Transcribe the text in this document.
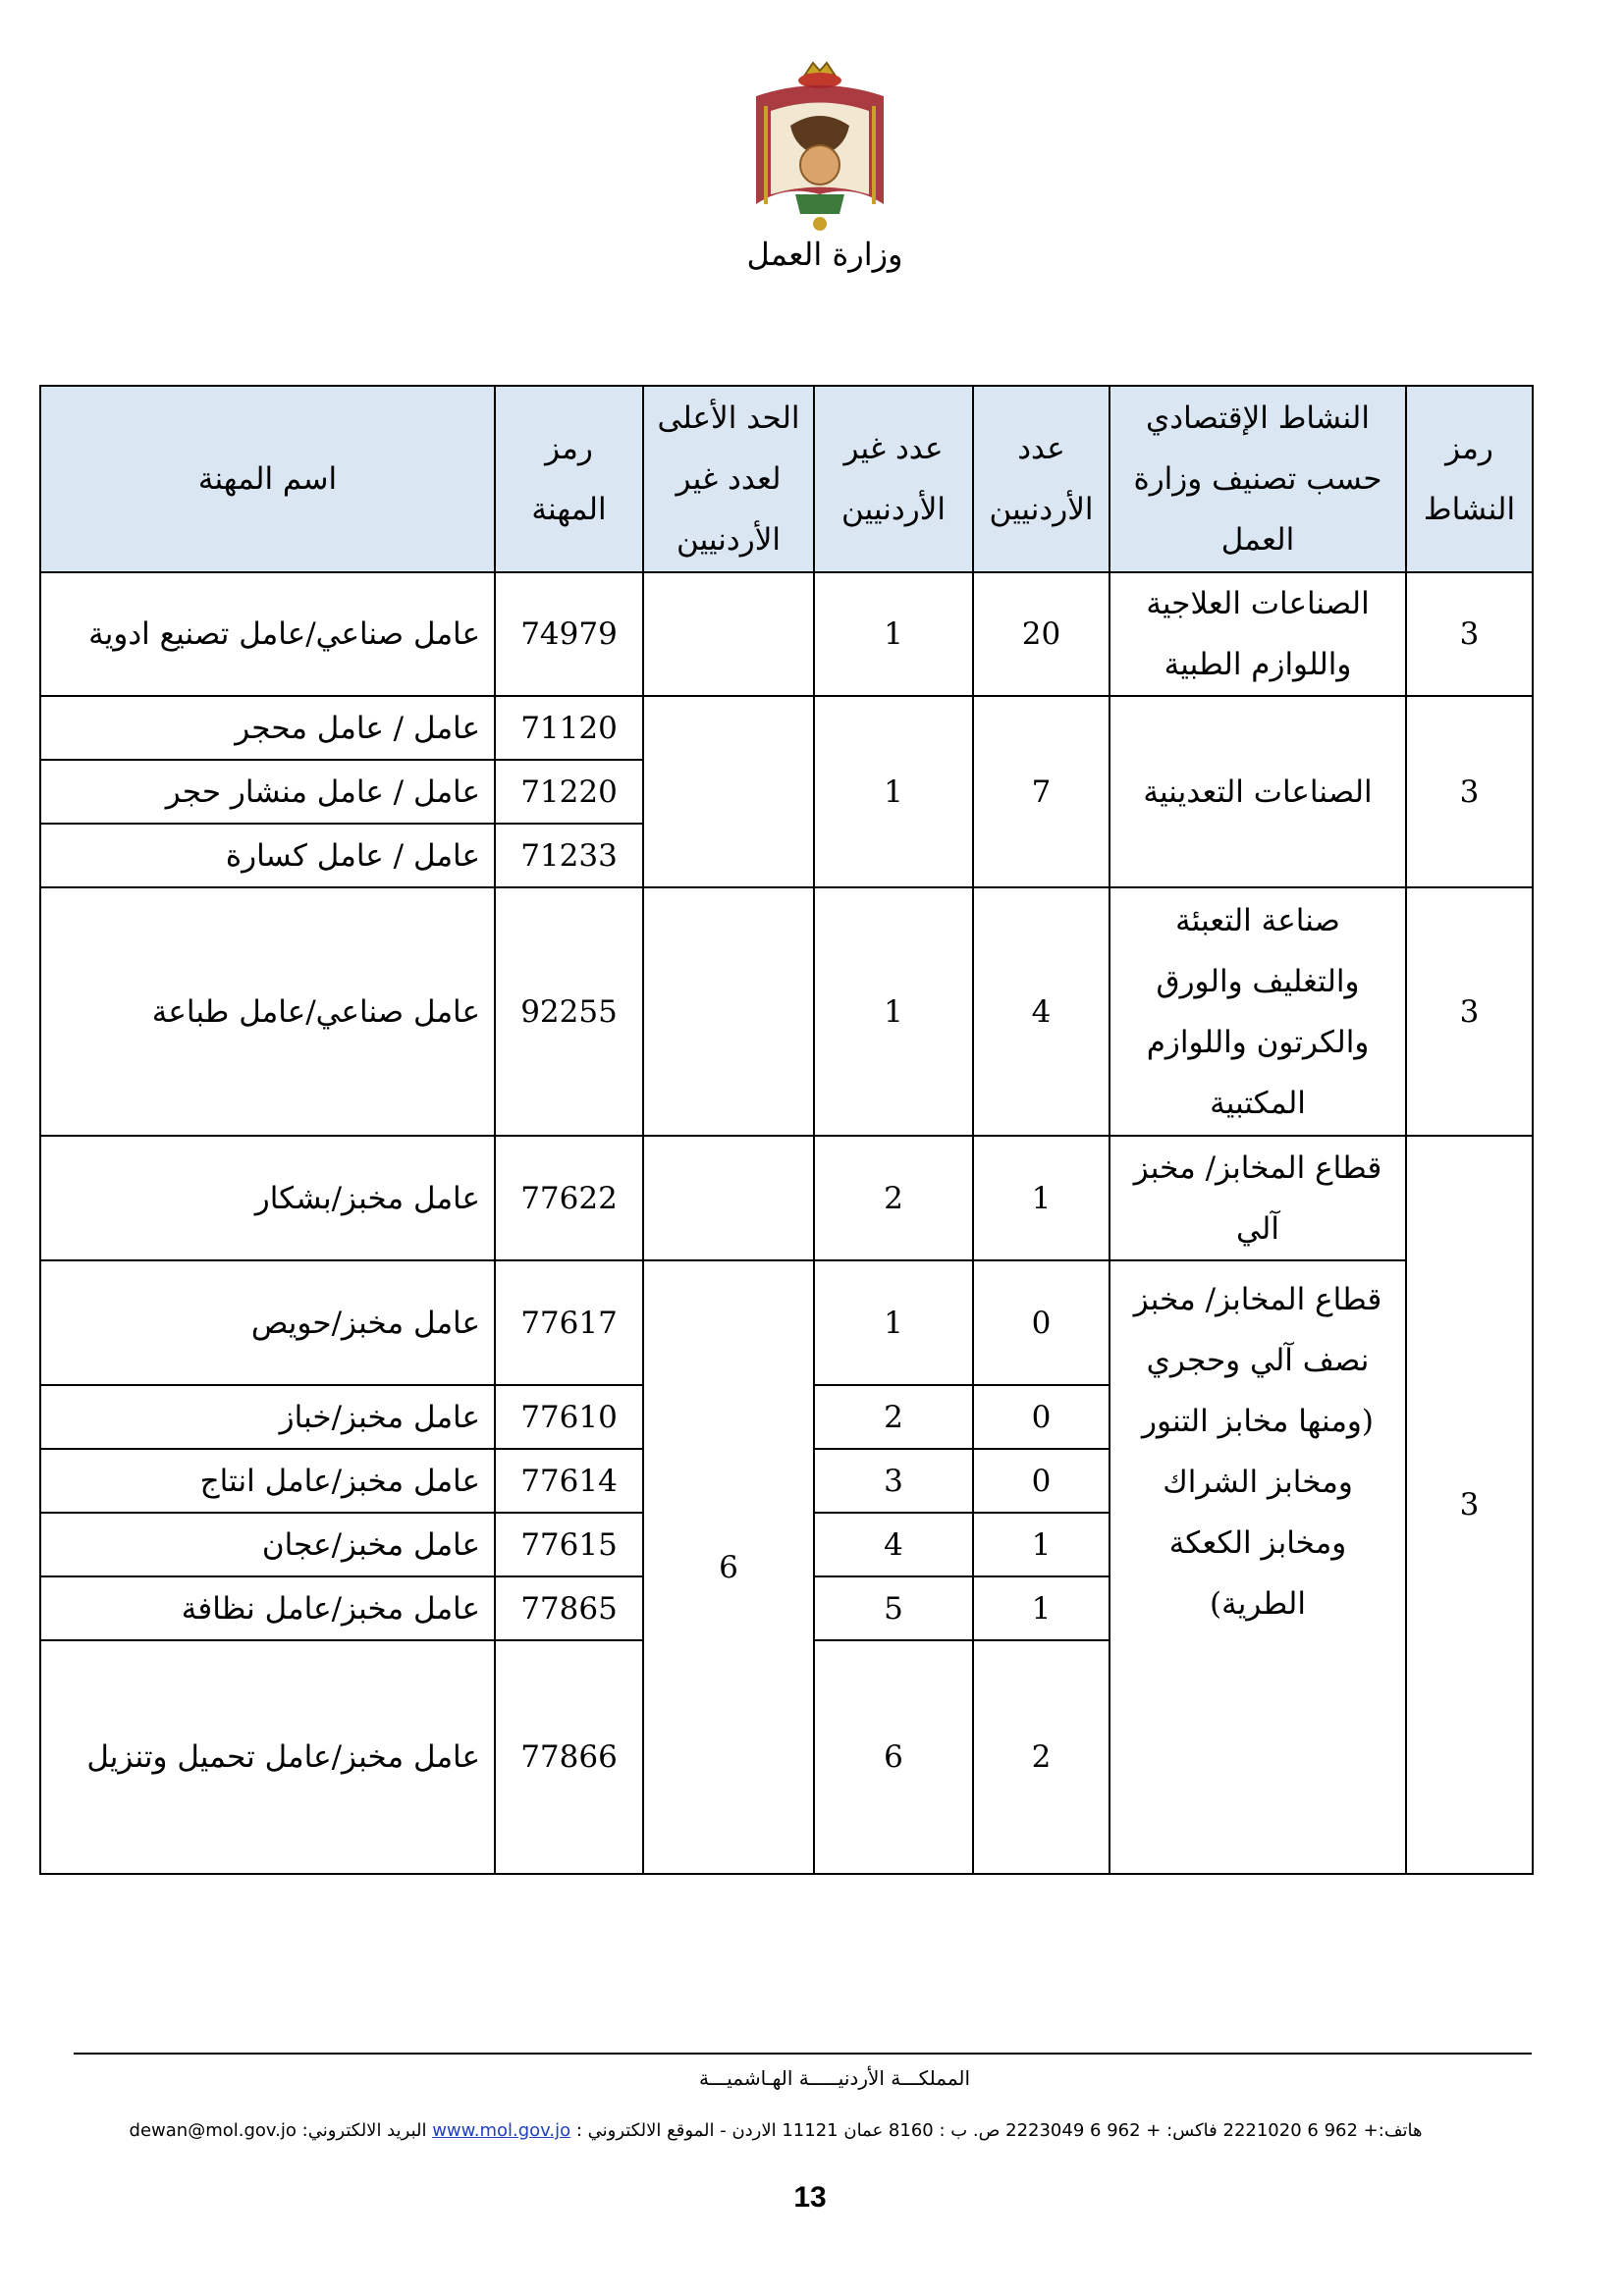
وزارة العمل
رمز النشاط	النشاط الإقتصادي حسب تصنيف وزارة العمل	عدد الأردنيين	عدد غير الأردنيين	الحد الأعلى لعدد غير الأردنيين	رمز المهنة	اسم المهنة
3	الصناعات العلاجية واللوازم الطبية	20	1		74979	عامل صناعي/عامل تصنيع ادوية
3	الصناعات التعدينية	7	1		71120	عامل / عامل محجر
					71220	عامل / عامل منشار حجر
					71233	عامل / عامل كسارة
3	صناعة التعبئة والتغليف والورق والكرتون واللوازم المكتبية	4	1		92255	عامل صناعي/عامل طباعة
3	قطاع المخابز/ مخبز آلي	1	2		77622	عامل مخبز/بشكار
	قطاع المخابز/ مخبز نصف آلي وحجري (ومنها مخابز التنور ومخابز الشراك ومخابز الكعكة الطرية)	0	1	6	77617	عامل مخبز/حويص
		0	2		77610	عامل مخبز/خباز
		0	3		77614	عامل مخبز/عامل انتاج
		1	4		77615	عامل مخبز/عجان
		1	5		77865	عامل مخبز/عامل نظافة
		2	6		77866	عامل مخبز/عامل تحميل وتنزيل
المملكـــة الأردنيـــــة الهـاشميـــة
هاتف:+ 962 6 2221020 فاكس: + 962 6 2223049 ص. ب : 8160 عمان 11121 الاردن - الموقع الالكتروني : www.mol.gov.jo البريد الالكتروني: dewan@mol.gov.jo
13
